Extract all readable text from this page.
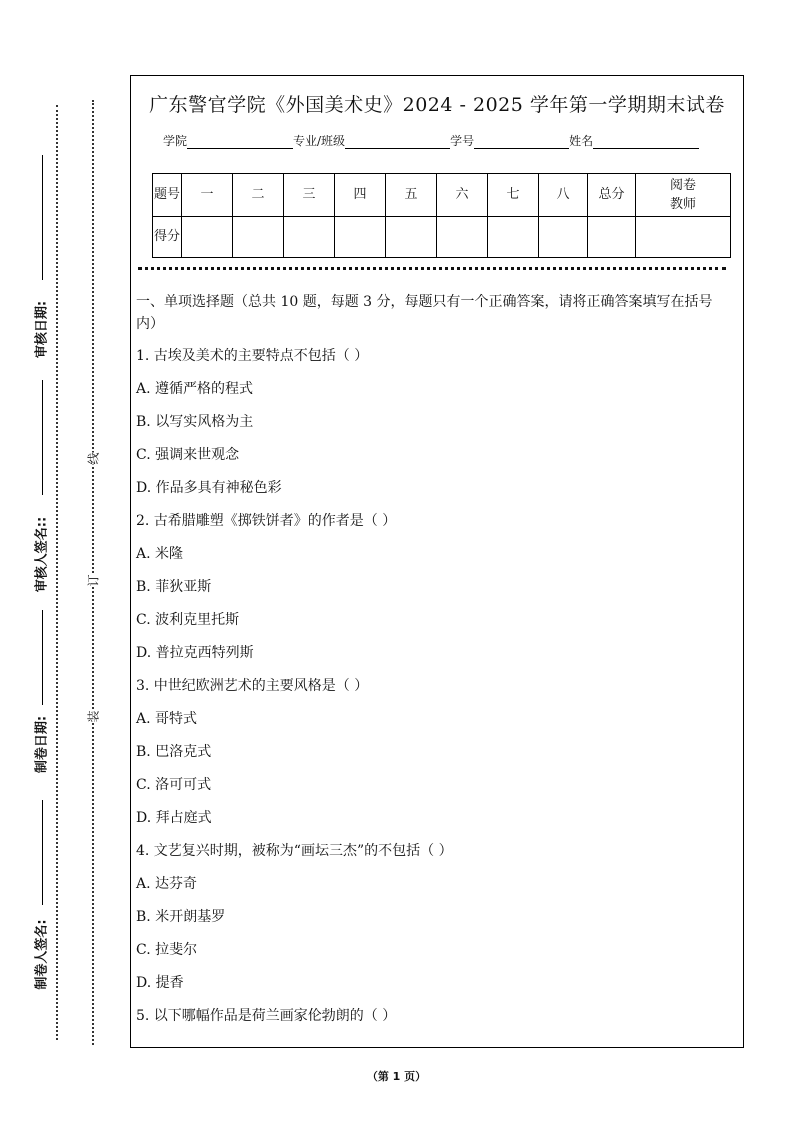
审核日期:
审核人签名::
制卷日期:
制卷人签名:
线
订
装
广东警官学院《外国美术史》2024 - 2025 学年第一学期期末试卷
学院	专业/班级	学号	姓名
题号	一	二	三	四	五	六	七	八	总分	阅卷教师

得分										
一、单项选择题（总共 10 题，每题 3 分，每题只有一个正确答案，请将正确答案填写在括号内）
1. 古埃及美术的主要特点不包括（ ）
A. 遵循严格的程式
B. 以写实风格为主
C. 强调来世观念
D. 作品多具有神秘色彩
2. 古希腊雕塑《掷铁饼者》的作者是（ ）
A. 米隆
B. 菲狄亚斯
C. 波利克里托斯
D. 普拉克西特列斯
3. 中世纪欧洲艺术的主要风格是（ ）
A. 哥特式
B. 巴洛克式
C. 洛可可式
D. 拜占庭式
4. 文艺复兴时期，被称为“画坛三杰”的不包括（ ）
A. 达芬奇
B. 米开朗基罗
C. 拉斐尔
D. 提香
5. 以下哪幅作品是荷兰画家伦勃朗的（ ）
（第 1 页）
